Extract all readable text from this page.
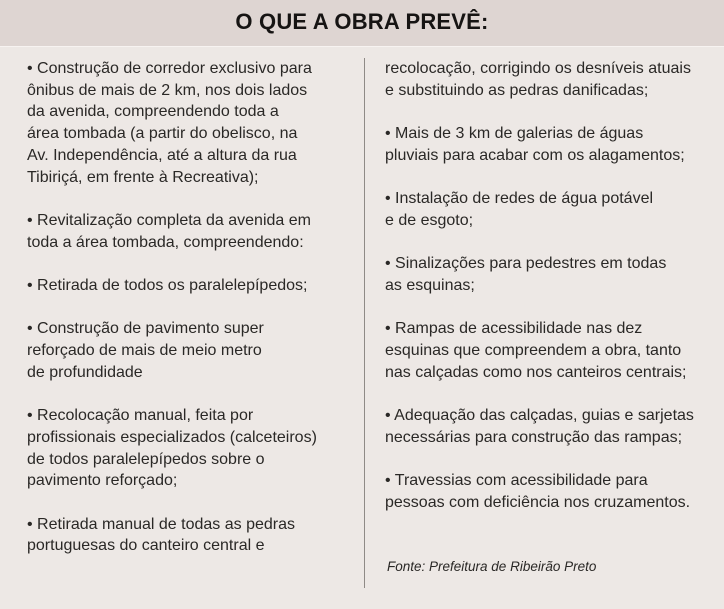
O QUE A OBRA PREVÊ:
• Construção de corredor exclusivo para
ônibus de mais de 2 km, nos dois lados
da avenida, compreendendo toda a
área tombada (a partir do obelisco, na
Av. Independência, até a altura da rua
Tibiriçá, em frente à Recreativa);
• Revitalização completa da avenida em
toda a área tombada, compreendendo:
• Retirada de todos os paralelepípedos;
• Construção de pavimento super
reforçado de mais de meio metro
de profundidade
• Recolocação manual, feita por
profissionais especializados (calceteiros)
de todos paralelepípedos sobre o
pavimento reforçado;
• Retirada manual de todas as pedras
portuguesas do canteiro central e
recolocação, corrigindo os desníveis atuais
e substituindo as pedras danificadas;
• Mais de 3 km de galerias de águas
pluviais para acabar com os alagamentos;
• Instalação de redes de água potável
e de esgoto;
• Sinalizações para pedestres em todas
as esquinas;
• Rampas de acessibilidade nas dez
esquinas que compreendem a obra, tanto
nas calçadas como nos canteiros centrais;
• Adequação das calçadas, guias e sarjetas
necessárias para construção das rampas;
• Travessias com acessibilidade para
pessoas com deficiência nos cruzamentos.
Fonte: Prefeitura de Ribeirão Preto
